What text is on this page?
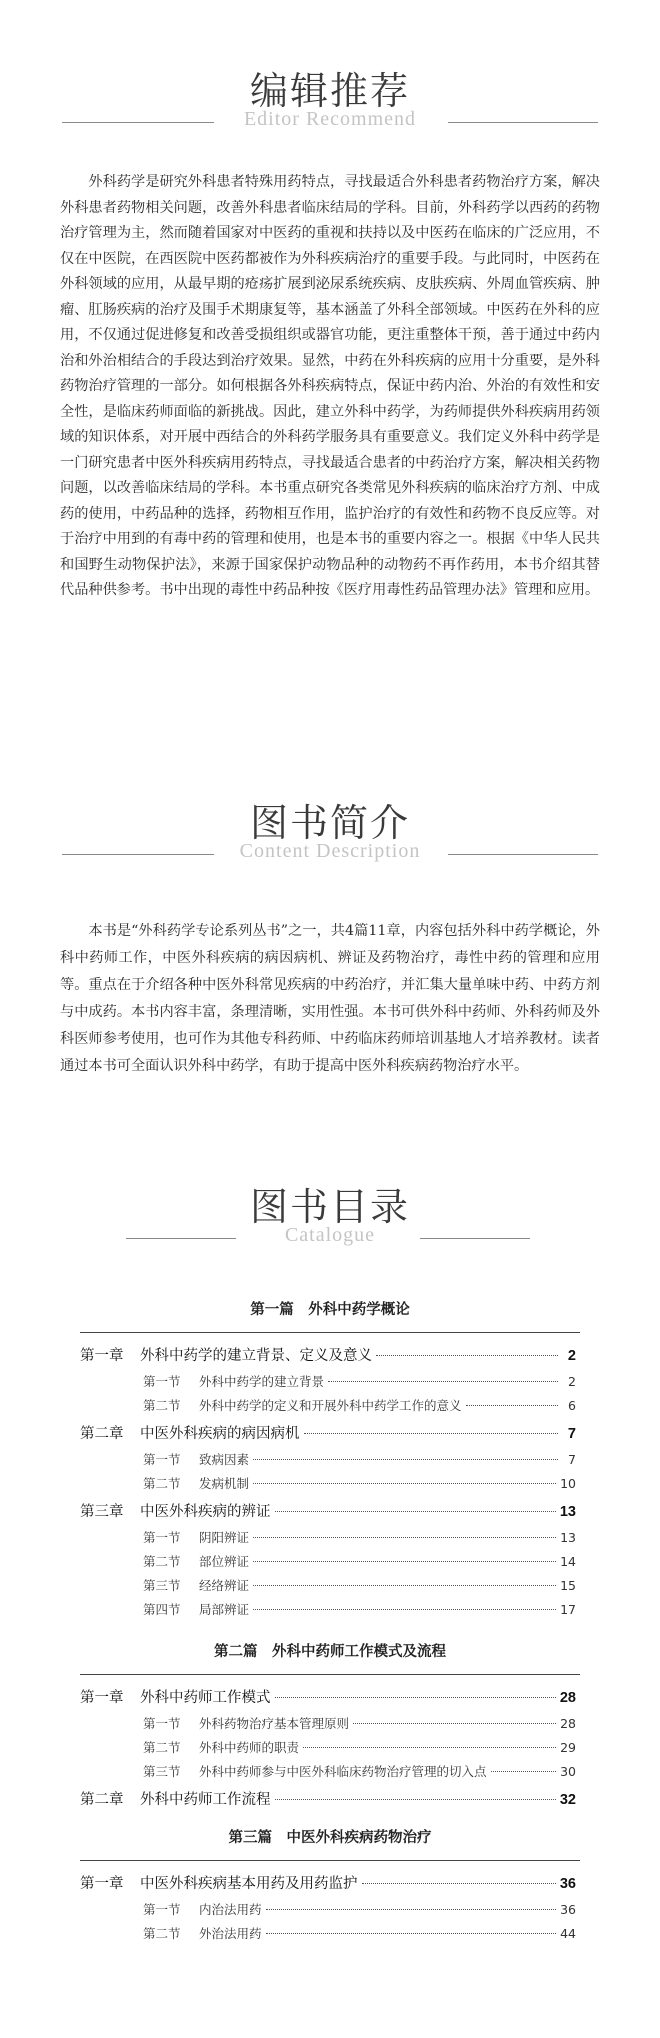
编辑推荐
Editor Recommend

外科药学是研究外科患者特殊用药特点，寻找最适合外科患者药物治疗方案，解决外科患者药物相关问题，改善外科患者临床结局的学科。目前，外科药学以西药的药物治疗管理为主，然而随着国家对中医药的重视和扶持以及中医药在临床的广泛应用，不仅在中医院，在西医院中医药都被作为外科疾病治疗的重要手段。与此同时，中医药在外科领域的应用，从最早期的疮疡扩展到泌尿系统疾病、皮肤疾病、外周血管疾病、肿瘤、肛肠疾病的治疗及围手术期康复等，基本涵盖了外科全部领域。中医药在外科的应用，不仅通过促进修复和改善受损组织或器官功能，更注重整体干预，善于通过中药内治和外治相结合的手段达到治疗效果。显然，中药在外科疾病的应用十分重要，是外科药物治疗管理的一部分。如何根据各外科疾病特点，保证中药内治、外治的有效性和安全性，是临床药师面临的新挑战。因此，建立外科中药学，为药师提供外科疾病用药领域的知识体系，对开展中西结合的外科药学服务具有重要意义。我们定义外科中药学是一门研究患者中医外科疾病用药特点，寻找最适合患者的中药治疗方案，解决相关药物问题，以改善临床结局的学科。本书重点研究各类常见外科疾病的临床治疗方剂、中成药的使用，中药品种的选择，药物相互作用，监护治疗的有效性和药物不良反应等。对于治疗中用到的有毒中药的管理和使用，也是本书的重要内容之一。根据《中华人民共和国野生动物保护法》，来源于国家保护动物品种的动物药不再作药用，本书介绍其替代品种供参考。书中出现的毒性中药品种按《医疗用毒性药品管理办法》管理和应用。

图书简介
Content Description

本书是“外科药学专论系列丛书”之一，共4篇11章，内容包括外科中药学概论，外科中药师工作，中医外科疾病的病因病机、辨证及药物治疗，毒性中药的管理和应用等。重点在于介绍各种中医外科常见疾病的中药治疗，并汇集大量单味中药、中药方剂与中成药。本书内容丰富，条理清晰，实用性强。本书可供外科中药师、外科药师及外科医师参考使用，也可作为其他专科药师、中药临床药师培训基地人才培养教材。读者通过本书可全面认识外科中药学，有助于提高中医外科疾病药物治疗水平。

图书目录
Catalogue
第一篇　外科中药学概论
第一章	外科中药学的建立背景、定义及意义	2
第一节	外科中药学的建立背景	2
第二节	外科中药学的定义和开展外科中药学工作的意义	6
第二章	中医外科疾病的病因病机	7
第一节	致病因素	7
第二节	发病机制	10
第三章	中医外科疾病的辨证	13
第一节	阴阳辨证	13
第二节	部位辨证	14
第三节	经络辨证	15
第四节	局部辨证	17
第二篇　外科中药师工作模式及流程
第一章	外科中药师工作模式	28
第一节	外科药物治疗基本管理原则	28
第二节	外科中药师的职责	29
第三节	外科中药师参与中医外科临床药物治疗管理的切入点	30
第二章	外科中药师工作流程	32
第三篇　中医外科疾病药物治疗
第一章	中医外科疾病基本用药及用药监护	36
第一节	内治法用药	36
第二节	外治法用药	44
